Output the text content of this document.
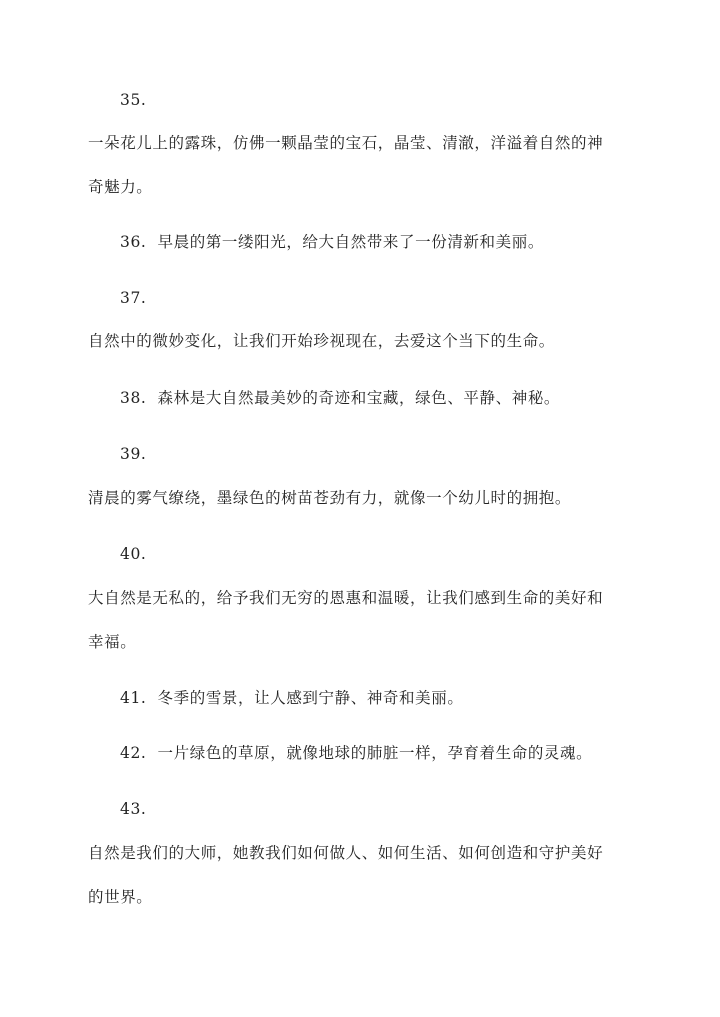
35.
一朵花儿上的露珠，仿佛一颗晶莹的宝石，晶莹、清澈，洋溢着自然的神
奇魅力。
36. 早晨的第一缕阳光，给大自然带来了一份清新和美丽。
37.
自然中的微妙变化，让我们开始珍视现在，去爱这个当下的生命。
38. 森林是大自然最美妙的奇迹和宝藏，绿色、平静、神秘。
39.
清晨的雾气缭绕，墨绿色的树苗苍劲有力，就像一个幼儿时的拥抱。
40.
大自然是无私的，给予我们无穷的恩惠和温暖，让我们感到生命的美好和
幸福。
41. 冬季的雪景，让人感到宁静、神奇和美丽。
42. 一片绿色的草原，就像地球的肺脏一样，孕育着生命的灵魂。
43.
自然是我们的大师，她教我们如何做人、如何生活、如何创造和守护美好
的世界。
